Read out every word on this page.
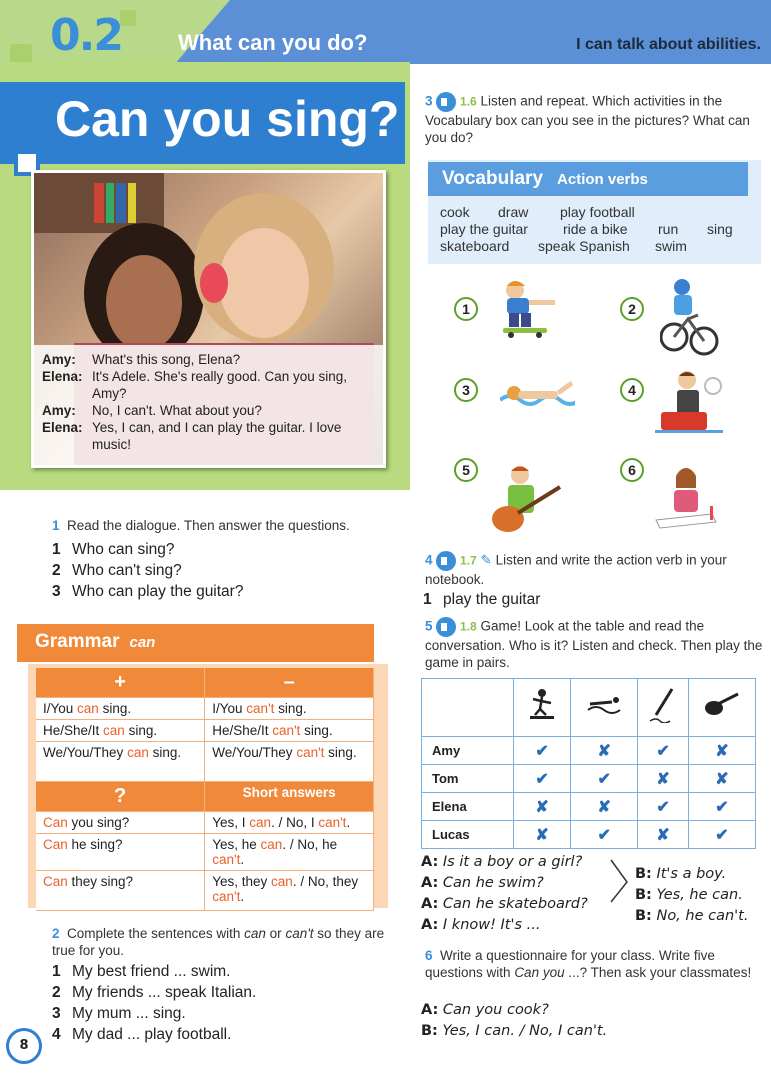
0.2	What can you do?	I can talk about abilities.
Can you sing?
Amy:	What's this song, Elena?
Elena: It's Adele. She's really good. Can you sing, Amy?
Amy:	No, I can't. What about you?
Elena: Yes, I can, and I can play the guitar. I love music!
1 Read the dialogue. Then answer the questions.
1 Who can sing?
2 Who can't sing?
3 Who can play the guitar?
Grammar can
+	–
I/You can sing.	I/You can't sing.
He/She/It can sing.	He/She/It can't sing.
We/You/They can sing.	We/You/They can't sing.
?	Short answers
Can you sing?	Yes, I can. / No, I can't.
Can he sing?	Yes, he can. / No, he can't.
Can they sing?	Yes, they can. / No, they can't.
2 Complete the sentences with can or can't so they are true for you.
1 My best friend ... swim.
2 My friends ... speak Italian.
3 My mum ... sing.
4 My dad ... play football.
8
3 1.6 Listen and repeat. Which activities in the Vocabulary box can you see in the pictures? What can you do?
Vocabulary Action verbs
cook draw play football
play the guitar	ride a bike run sing
skateboard speak Spanish swim
1	2
3	4
5	6
4 1.7 ✎ Listen and write the action verb in your notebook.
1 play the guitar
5 1.8 Game! Look at the table and read the conversation. Who is it? Listen and check. Then play the game in pairs.

Amy	✔	✘	✔	✘
Tom	✔	✔	✘	✘
Elena	✘	✘	✔	✔
Lucas	✘	✔	✘	✔
A: Is it a boy or a girl?
A: Can he swim?
A: Can he skateboard?
A: I know! It's ...
B: It's a boy.
B: Yes, he can.
B: No, he can't.
6 Write a questionnaire for your class. Write five questions with Can you ...? Then ask your classmates!
A: Can you cook?
B: Yes, I can. / No, I can't.
